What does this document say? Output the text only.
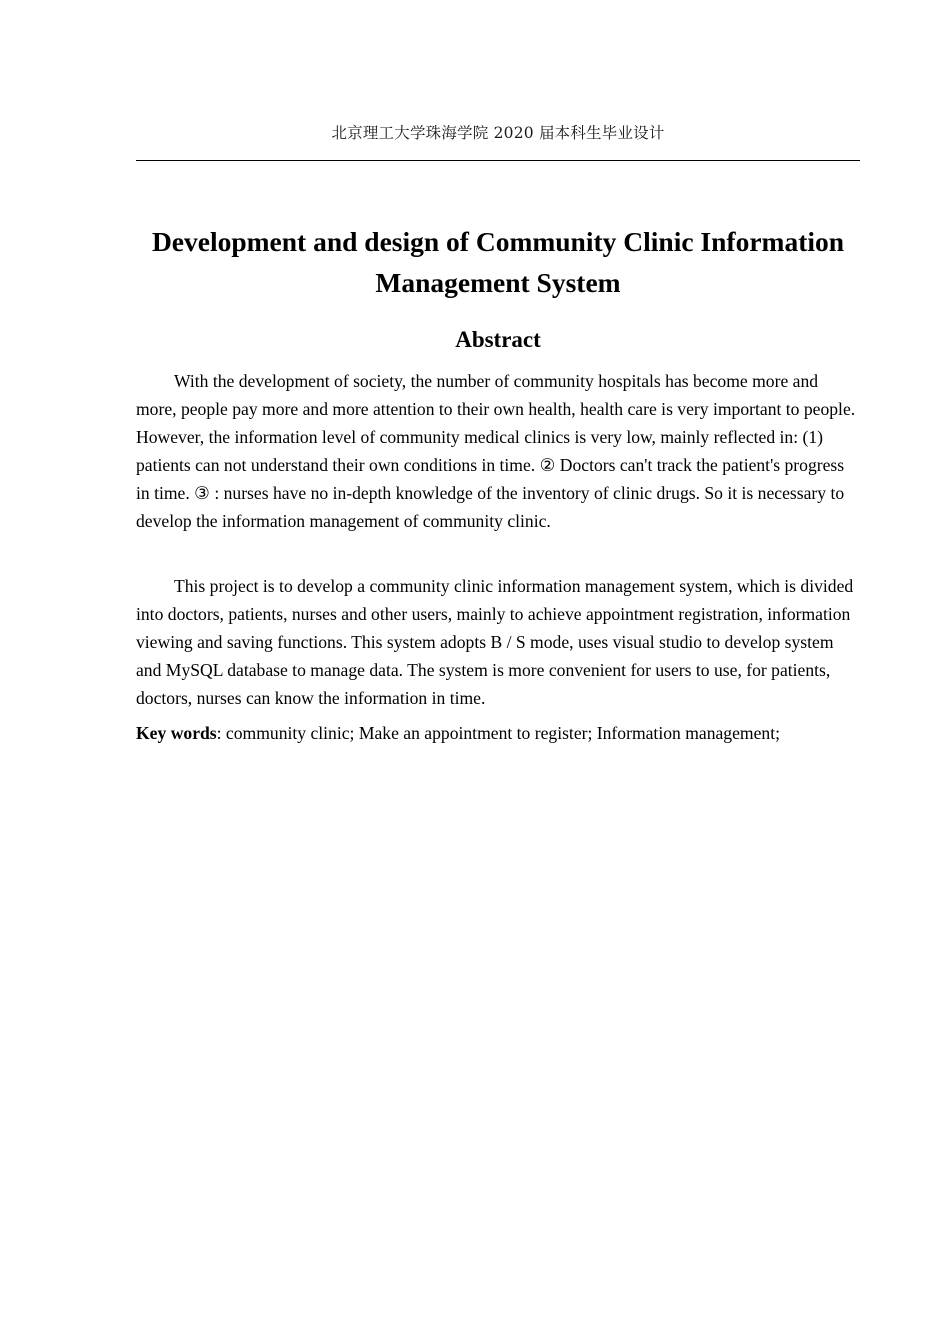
北京理工大学珠海学院 2020 届本科生毕业设计
Development and design of Community Clinic Information Management System
Abstract

With the development of society, the number of community hospitals has become more and more, people pay more and more attention to their own health, health care is very important to people. However, the information level of community medical clinics is very low, mainly reflected in: (1) patients can not understand their own conditions in time. ② Doctors can't track the patient's progress in time. ③ : nurses have no in-depth knowledge of the inventory of clinic drugs. So it is necessary to develop the information management of community clinic.

This project is to develop a community clinic information management system, which is divided into doctors, patients, nurses and other users, mainly to achieve appointment registration, information viewing and saving functions. This system adopts B / S mode, uses visual studio to develop system and MySQL database to manage data. The system is more convenient for users to use, for patients, doctors, nurses can know the information in time.

Key words: community clinic; Make an appointment to register; Information management;
